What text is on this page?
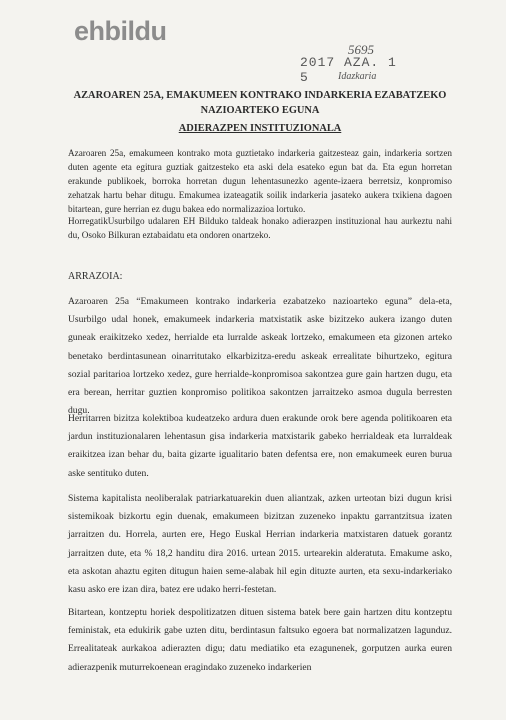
ehbildu
5695
2017 AZA. 1 5	Idazkaria
AZAROAREN 25A, EMAKUMEEN KONTRAKO INDARKERIA EZABATZEKO NAZIOARTEKO EGUNA
ADIERAZPEN INSTITUZIONALA

Azaroaren 25a, emakumeen kontrako mota guztietako indarkeria gaitzesteaz gain, indarkeria sortzen duten agente eta egitura guztiak gaitzesteko eta aski dela esateko egun bat da. Eta egun horretan erakunde publikoek, borroka horretan dugun lehentasunezko agente-izaera berretsiz, konpromiso zehatzak hartu behar ditugu. Emakumea izateagatik soilik indarkeria jasateko aukera txikiena dagoen bitartean, gure herrian ez dugu bakea edo normalizazioa lortuko.

HorregatikUsurbilgo udalaren EH Bilduko taldeak honako adierazpen instituzional hau aurkeztu nahi du, Osoko Bilkuran eztabaidatu eta ondoren onartzeko.

ARRAZOIA:

Azaroaren 25a “Emakumeen kontrako indarkeria ezabatzeko nazioarteko eguna” dela-eta, Usurbilgo udal honek, emakumeek indarkeria matxistatik aske bizitzeko aukera izango duten guneak eraikitzeko xedez, herrialde eta lurralde askeak lortzeko, emakumeen eta gizonen arteko benetako berdintasunean oinarritutako elkarbizitza-eredu askeak errealitate bihurtzeko, egitura sozial paritarioa lortzeko xedez, gure herrialde-konpromisoa sakontzea gure gain hartzen dugu, eta era berean, herritar guztien konpromiso politikoa sakontzen jarraitzeko asmoa dugula berresten dugu.

Herritarren bizitza kolektiboa kudeatzeko ardura duen erakunde orok bere agenda politikoaren eta jardun instituzionalaren lehentasun gisa indarkeria matxistarik gabeko herrialdeak eta lurraldeak eraikitzea izan behar du, baita gizarte igualitario baten defentsa ere, non emakumeek euren burua aske sentituko duten.

Sistema kapitalista neoliberalak patriarkatuarekin duen aliantzak, azken urteotan bizi dugun krisi sistemikoak bizkortu egin duenak, emakumeen bizitzan zuzeneko inpaktu garrantzitsua izaten jarraitzen du. Horrela, aurten ere, Hego Euskal Herrian indarkeria matxistaren datuek gorantz jarraitzen dute, eta % 18,2 handitu dira 2016. urtean 2015. urtearekin alderatuta. Emakume asko, eta askotan ahaztu egiten ditugun haien seme-alabak hil egin dituzte aurten, eta sexu-indarkeriako kasu asko ere izan dira, batez ere udako herri-festetan.

Bitartean, kontzeptu horiek despolitizatzen dituen sistema batek bere gain hartzen ditu kontzeptu feministak, eta edukirik gabe uzten ditu, berdintasun faltsuko egoera bat normalizatzen lagunduz. Errealitateak aurkakoa adierazten digu; datu mediatiko eta ezagunenek, gorputzen aurka euren adierazpenik muturrekoenean eragindako zuzeneko indarkerien
